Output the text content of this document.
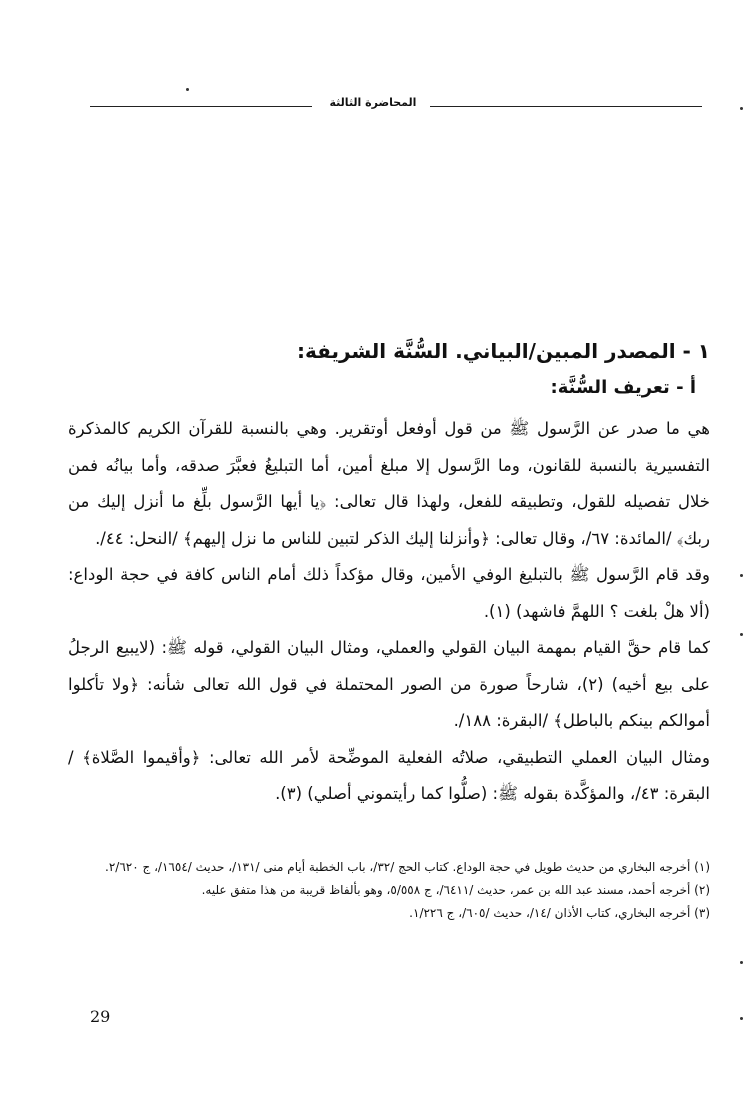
المحاضرة الثالثة
١ - المصدر المبين/البياني. السُّنَّة الشريفة:
أ - تعريف السُّنَّة:

هي ما صدر عن الرَّسول ﷺ من قول أوفعل أوتقرير. وهي بالنسبة للقرآن الكريم كالمذكرة التفسيرية بالنسبة للقانون، وما الرَّسول إلا مبلغ أمين، أما التبليغُ فعبَّرَ صدقه، وأما بيانُه فمن خلال تفصيله للقول، وتطبيقه للفعل، ولهذا قال تعالى: ﴿يا أيها الرَّسول بلِّغ ما أنزل إليك من ربك﴾ /المائدة: ٦٧/، وقال تعالى: ﴿وأنزلنا إليك الذكر لتبين للناس ما نزل إليهم﴾ /النحل: ٤٤/.

وقد قام الرَّسول ﷺ بالتبليغ الوفي الأمين، وقال مؤكداً ذلك أمام الناس كافة في حجة الوداع: (ألا هلْ بلغت ؟ اللهمَّ فاشهد) (١).

كما قام حقَّ القيام بمهمة البيان القولي والعملي، ومثال البيان القولي، قوله ﷺ: (لايبيع الرجلُ على بيع أخيه) (٢)، شارحاً صورة من الصور المحتملة في قول الله تعالى شأنه: ﴿ولا تأكلوا أموالكم بينكم بالباطل﴾ /البقرة: ١٨٨/.

ومثال البيان العملي التطبيقي، صلاتُه الفعلية الموضِّحة لأمر الله تعالى: ﴿وأقيموا الصَّلاة﴾ /البقرة: ٤٣/، والمؤكَّدة بقوله ﷺ: (صلُّوا كما رأيتموني أصلي) (٣).

(١) أخرجه البخاري من حديث طويل في حجة الوداع. كتاب الحج /٣٢/، باب الخطبة أيام منى /١٣١/، حديث /١٦٥٤/، ج ٢/٦٢٠.

(٢) أخرجه أحمد، مسند عبد الله بن عمر، حديث /٦٤١١/، ج ٥/٥٥٨، وهو بألفاظ قريبة من هذا متفق عليه.

(٣) أخرجه البخاري، كتاب الأذان /١٤/، حديث /٦٠٥/، ج ١/٢٢٦.

29
